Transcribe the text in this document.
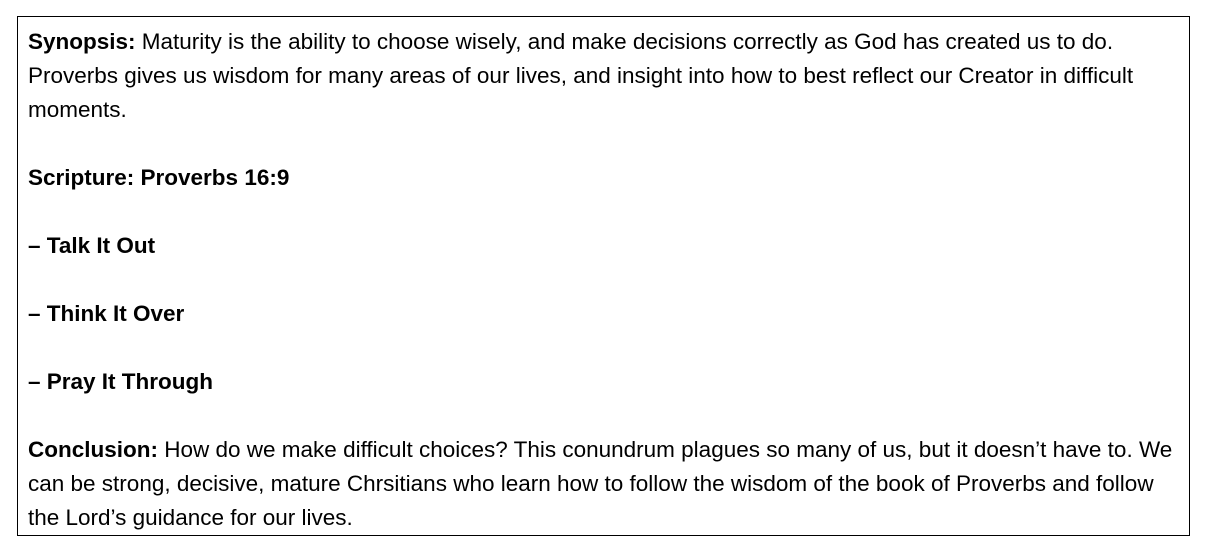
Synopsis: Maturity is the ability to choose wisely, and make decisions correctly as God has created us to do. Proverbs gives us wisdom for many areas of our lives, and insight into how to best reflect our Creator in difficult moments.

Scripture: Proverbs 16:9

– Talk It Out

– Think It Over

– Pray It Through

Conclusion: How do we make difficult choices? This conundrum plagues so many of us, but it doesn’t have to. We can be strong, decisive, mature Chrsitians who learn how to follow the wisdom of the book of Proverbs and follow the Lord’s guidance for our lives.
